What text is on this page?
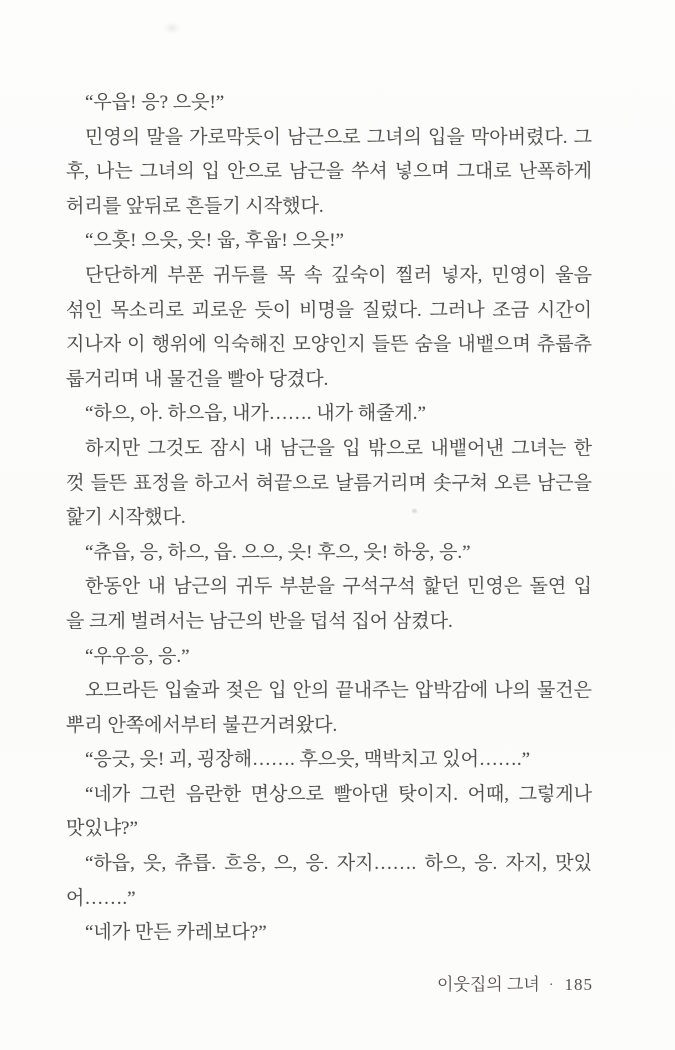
“우읍! 응? 으읏!”
민영의 말을 가로막듯이 남근으로 그녀의 입을 막아버렸다. 그
후, 나는 그녀의 입 안으로 남근을 쑤셔 넣으며 그대로 난폭하게
허리를 앞뒤로 흔들기 시작했다.
“으흣! 으읏, 읏! 웁, 후웁! 으읏!”
단단하게 부푼 귀두를 목 속 깊숙이 찔러 넣자, 민영이 울음
섞인 목소리로 괴로운 듯이 비명을 질렀다. 그러나 조금 시간이
지나자 이 행위에 익숙해진 모양인지 들뜬 숨을 내뱉으며 츄룹츄
룹거리며 내 물건을 빨아 당겼다.
“하으, 아. 하으읍, 내가……. 내가 해줄게.”
하지만 그것도 잠시 내 남근을 입 밖으로 내뱉어낸 그녀는 한
껏 들뜬 표정을 하고서 혀끝으로 날름거리며 솟구쳐 오른 남근을
핥기 시작했다.
“츄읍, 응, 하으, 읍. 으으, 읏! 후으, 읏! 하웅, 응.”
한동안 내 남근의 귀두 부분을 구석구석 핥던 민영은 돌연 입
을 크게 벌려서는 남근의 반을 덥석 집어 삼켰다.
“우우응, 응.”
오므라든 입술과 젖은 입 안의 끝내주는 압박감에 나의 물건은
뿌리 안쪽에서부터 불끈거려왔다.
“응긋, 읏! 괴, 굉장해……. 후으읏, 맥박치고 있어…….”
“네가 그런 음란한 면상으로 빨아댄 탓이지. 어때, 그렇게나
맛있냐?”
“하읍, 읏, 츄릅. 흐응, 으, 응. 자지……. 하으, 응. 자지, 맛있
어…….”
“네가 만든 카레보다?”
이웃집의 그녀 · 185
